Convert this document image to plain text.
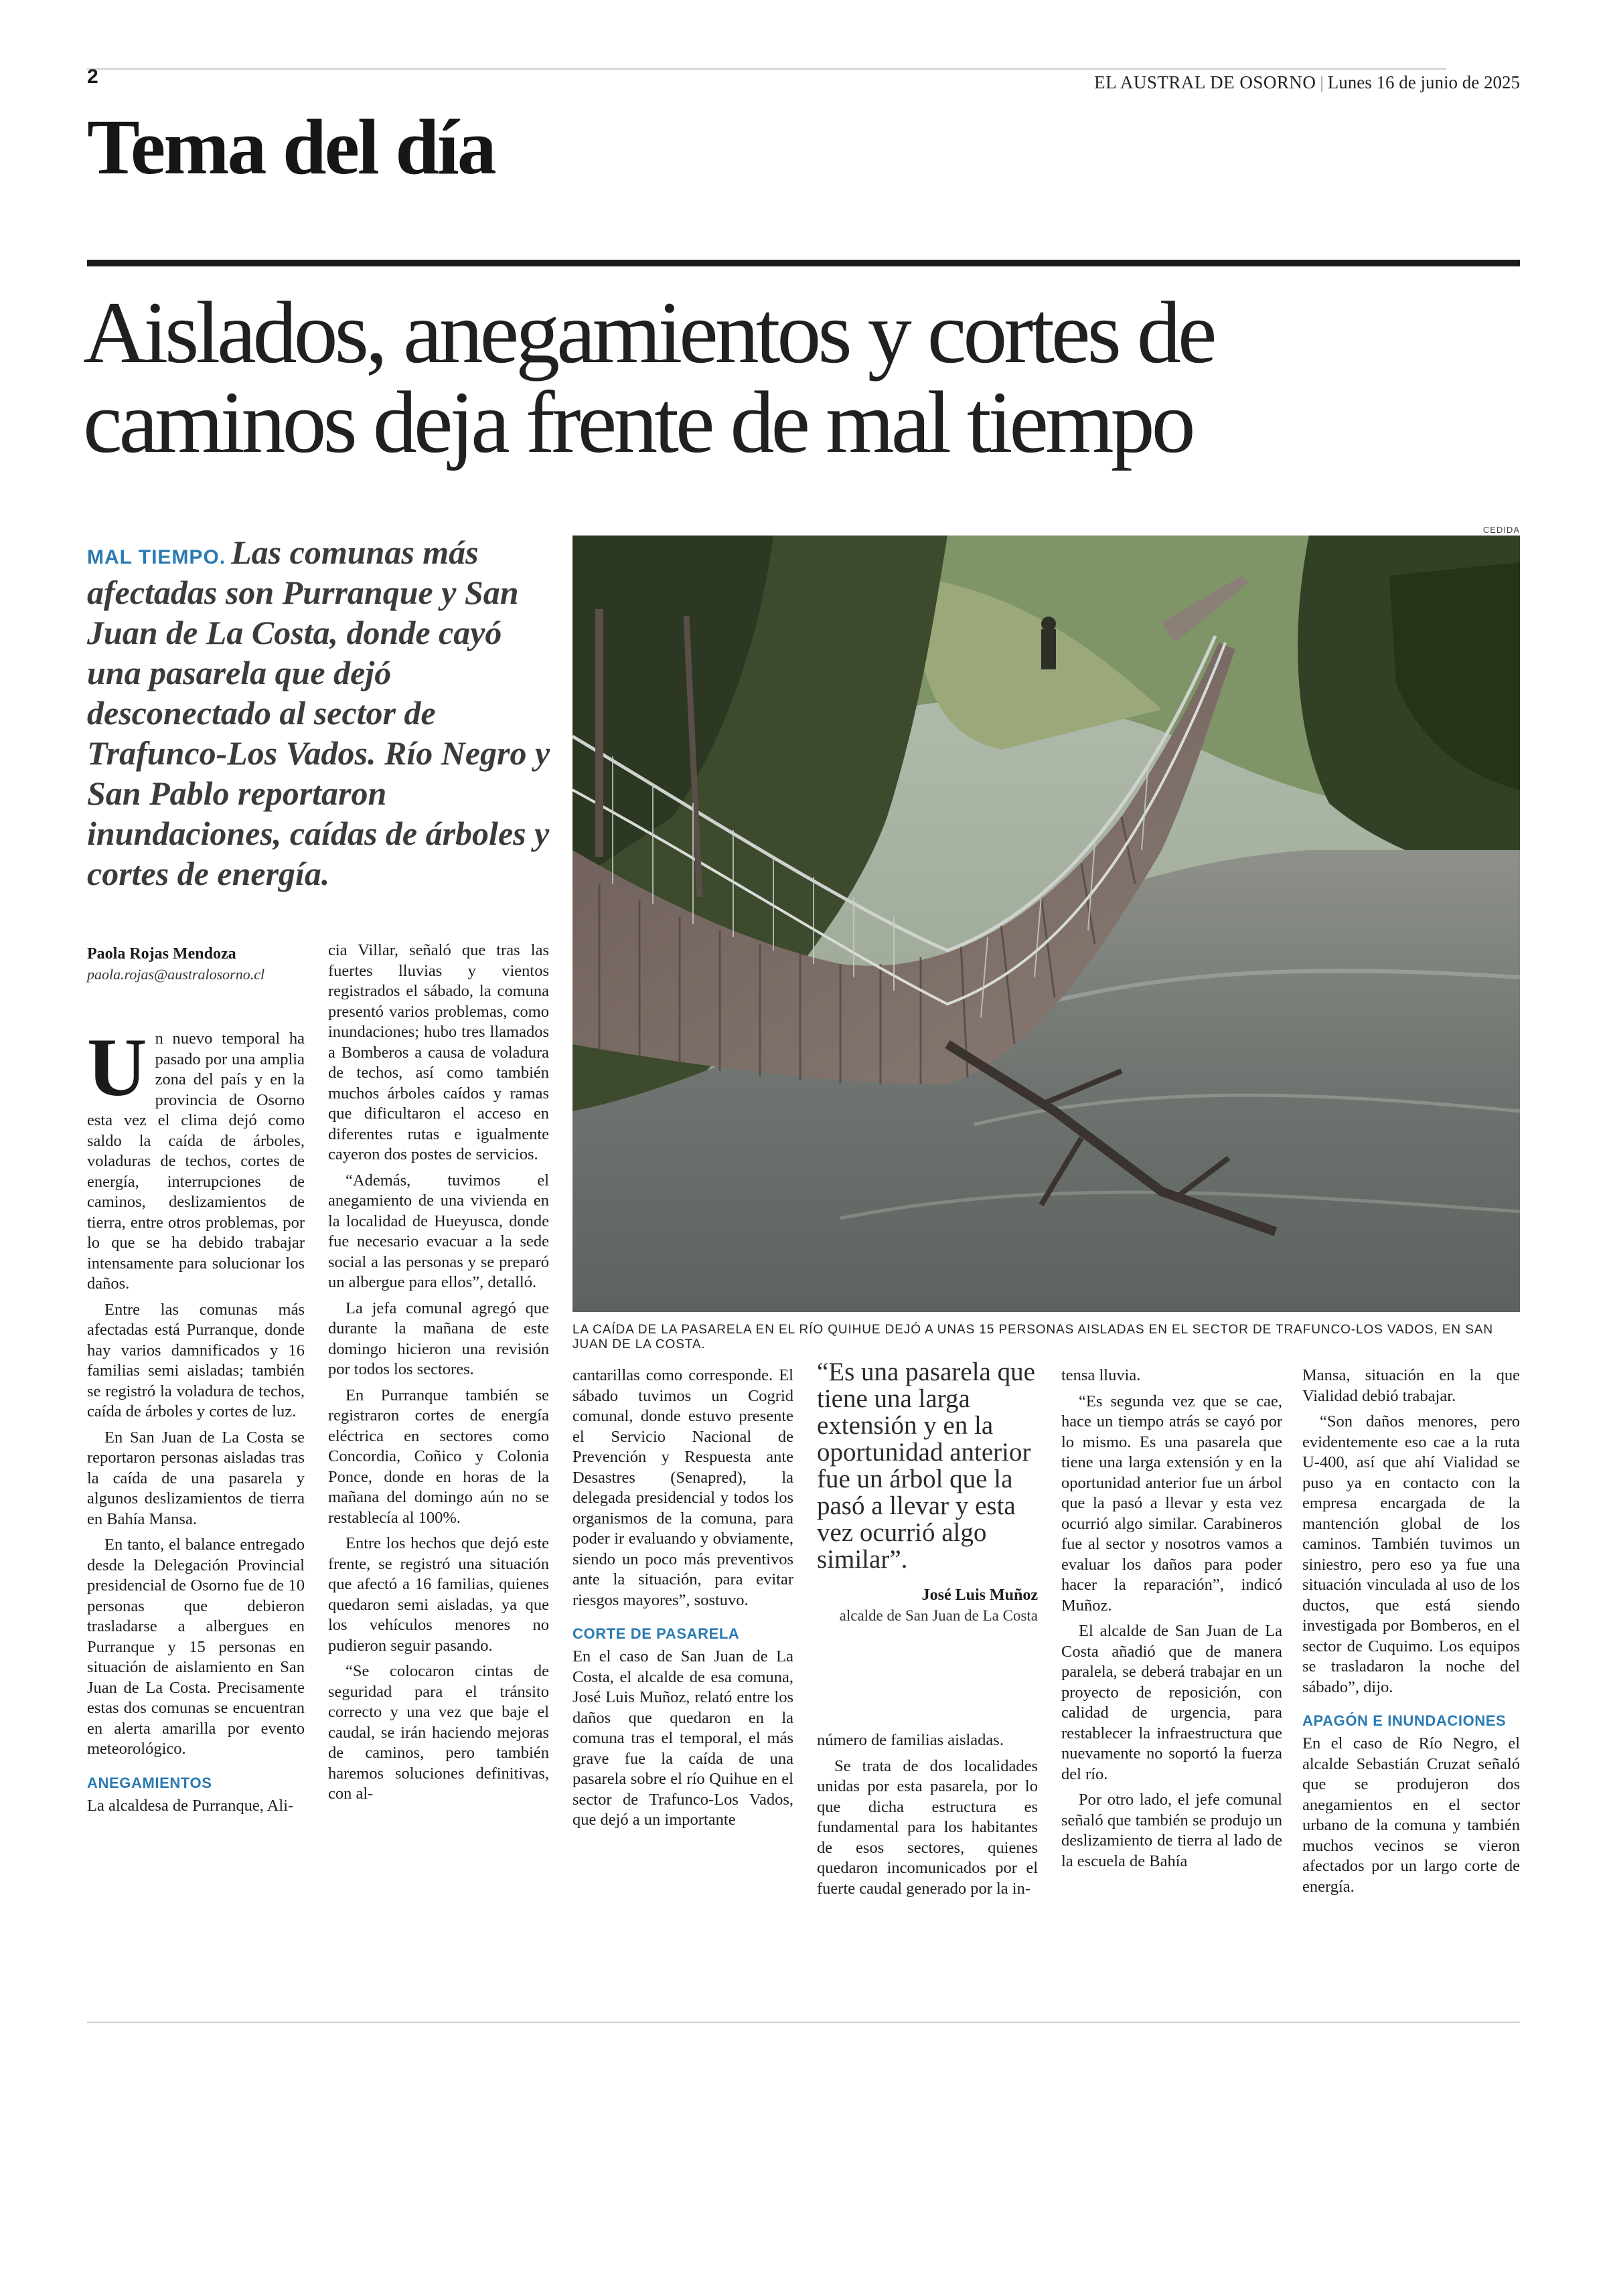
2	EL AUSTRAL DE OSORNO | Lunes 16 de junio de 2025
Tema del día
Aislados, anegamientos y cortes de
caminos deja frente de mal tiempo
MAL TIEMPO. Las comunas más afectadas son Purranque y San Juan de La Costa, donde cayó una pasarela que dejó desconectado al sector de Trafunco-Los Vados. Río Negro y San Pablo reportaron inundaciones, caídas de árboles y cortes de energía.
CEDIDA
LA CAÍDA DE LA PASARELA EN EL RÍO QUIHUE DEJÓ A UNAS 15 PERSONAS AISLADAS EN EL SECTOR DE TRAFUNCO-LOS VADOS, EN SAN JUAN DE LA COSTA.
Paola Rojas Mendoza
paola.rojas@australosorno.cl

Un nuevo temporal ha pasado por una amplia zona del país y en la provincia de Osorno esta vez el clima dejó como saldo la caída de árboles, voladuras de techos, cortes de energía, interrupciones de caminos, deslizamientos de tierra, entre otros problemas, por lo que se ha debido trabajar intensamente para solucionar los daños.

Entre las comunas más afectadas está Purranque, donde hay varios damnificados y 16 familias semi aisladas; también se registró la voladura de techos, caída de árboles y cortes de luz.

En San Juan de La Costa se reportaron personas aisladas tras la caída de una pasarela y algunos deslizamientos de tierra en Bahía Mansa.

En tanto, el balance entregado desde la Delegación Provincial presidencial de Osorno fue de 10 personas que debieron trasladarse a albergues en Purranque y 15 personas en situación de aislamiento en San Juan de La Costa. Precisamente estas dos comunas se encuentran en alerta amarilla por evento meteorológico.

ANEGAMIENTOS

La alcaldesa de Purranque, Ali-

cia Villar, señaló que tras las fuertes lluvias y vientos registrados el sábado, la comuna presentó varios problemas, como inundaciones; hubo tres llamados a Bomberos a causa de voladura de techos, así como también muchos árboles caídos y ramas que dificultaron el acceso en diferentes rutas e igualmente cayeron dos postes de servicios.

“Además, tuvimos el anegamiento de una vivienda en la localidad de Hueyusca, donde fue necesario evacuar a la sede social a las personas y se preparó un albergue para ellos”, detalló.

La jefa comunal agregó que durante la mañana de este domingo hicieron una revisión por todos los sectores.

En Purranque también se registraron cortes de energía eléctrica en sectores como Concordia, Coñico y Colonia Ponce, donde en horas de la mañana del domingo aún no se restablecía al 100%.

Entre los hechos que dejó este frente, se registró una situación que afectó a 16 familias, quienes quedaron semi aisladas, ya que los vehículos menores no pudieron seguir pasando.

“Se colocaron cintas de seguridad para el tránsito correcto y una vez que baje el caudal, se irán haciendo mejoras de caminos, pero también haremos soluciones definitivas, con al-

cantarillas como corresponde. El sábado tuvimos un Cogrid comunal, donde estuvo presente el Servicio Nacional de Prevención y Respuesta ante Desastres (Senapred), la delegada presidencial y todos los organismos de la comuna, para poder ir evaluando y obviamente, siendo un poco más preventivos ante la situación, para evitar riesgos mayores”, sostuvo.

CORTE DE PASARELA

En el caso de San Juan de La Costa, el alcalde de esa comuna, José Luis Muñoz, relató entre los daños que quedaron en la comuna tras el temporal, el más grave fue la caída de una pasarela sobre el río Quihue en el sector de Trafunco-Los Vados, que dejó a un importante

“Es una pasarela que tiene una larga extensión y en la oportunidad anterior fue un árbol que la pasó a llevar y esta vez ocurrió algo similar”.
José Luis Muñoz
alcalde de San Juan de La Costa

número de familias aisladas.

Se trata de dos localidades unidas por esta pasarela, por lo que dicha estructura es fundamental para los habitantes de esos sectores, quienes quedaron incomunicados por el fuerte caudal generado por la in-

tensa lluvia.

“Es segunda vez que se cae, hace un tiempo atrás se cayó por lo mismo. Es una pasarela que tiene una larga extensión y en la oportunidad anterior fue un árbol que la pasó a llevar y esta vez ocurrió algo similar. Carabineros fue al sector y nosotros vamos a evaluar los daños para poder hacer la reparación”, indicó Muñoz.

El alcalde de San Juan de La Costa añadió que de manera paralela, se deberá trabajar en un proyecto de reposición, con calidad de urgencia, para restablecer la infraestructura que nuevamente no soportó la fuerza del río.

Por otro lado, el jefe comunal señaló que también se produjo un deslizamiento de tierra al lado de la escuela de Bahía

Mansa, situación en la que Vialidad debió trabajar.

“Son daños menores, pero evidentemente eso cae a la ruta U-400, así que ahí Vialidad se puso ya en contacto con la empresa encargada de la mantención global de los caminos. También tuvimos un siniestro, pero eso ya fue una situación vinculada al uso de los ductos, que está siendo investigada por Bomberos, en el sector de Cuquimo. Los equipos se trasladaron la noche del sábado”, dijo.

APAGÓN E INUNDACIONES

En el caso de Río Negro, el alcalde Sebastián Cruzat señaló que se produjeron dos anegamientos en el sector urbano de la comuna y también muchos vecinos se vieron afectados por un largo corte de energía.
